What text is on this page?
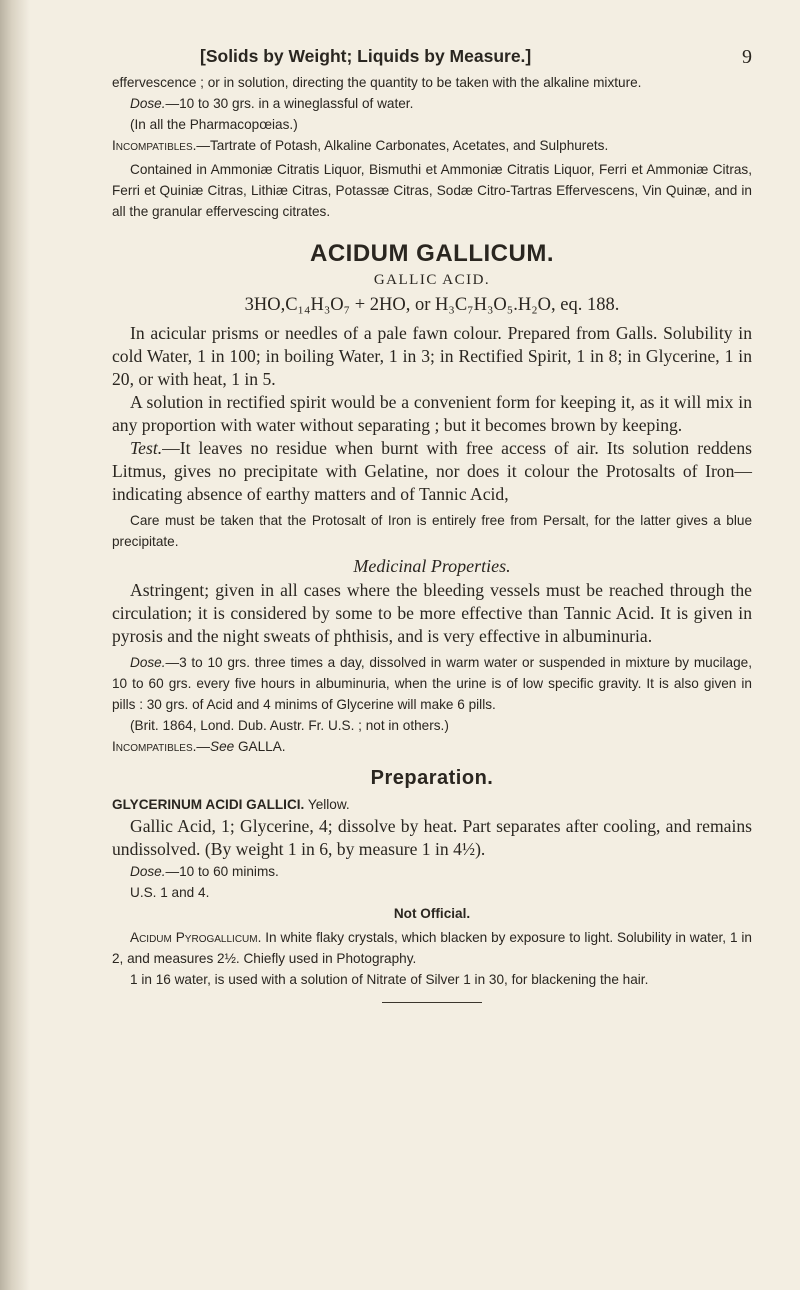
[Solids by Weight; Liquids by Measure.]	9

effervescence ; or in solution, directing the quantity to be taken with the alkaline mixture.

Dose.—10 to 30 grs. in a wineglassful of water.

(In all the Pharmacopœias.)

Incompatibles.—Tartrate of Potash, Alkaline Carbonates, Acetates, and Sulphurets.

Contained in Ammoniæ Citratis Liquor, Bismuthi et Ammoniæ Citratis Liquor, Ferri et Ammoniæ Citras, Ferri et Quiniæ Citras, Lithiæ Citras, Potassæ Citras, Sodæ Citro-Tartras Effervescens, Vin Quinæ, and in all the granular effervescing citrates.

ACIDUM GALLICUM.
GALLIC ACID.
3HO,C₁₄H₃O₇ + 2HO, or H₃C₇H₃O₅.H₂O, eq. 188.

In acicular prisms or needles of a pale fawn colour. Prepared from Galls. Solubility in cold Water, 1 in 100; in boiling Water, 1 in 3; in Rectified Spirit, 1 in 8; in Glycerine, 1 in 20, or with heat, 1 in 5.

A solution in rectified spirit would be a convenient form for keeping it, as it will mix in any proportion with water without separating ; but it becomes brown by keeping.

Test.—It leaves no residue when burnt with free access of air. Its solution reddens Litmus, gives no precipitate with Gelatine, nor does it colour the Protosalts of Iron—indicating absence of earthy matters and of Tannic Acid,

Care must be taken that the Protosalt of Iron is entirely free from Persalt, for the latter gives a blue precipitate.

Medicinal Properties.

Astringent; given in all cases where the bleeding vessels must be reached through the circulation; it is considered by some to be more effective than Tannic Acid. It is given in pyrosis and the night sweats of phthisis, and is very effective in albuminuria.

Dose.—3 to 10 grs. three times a day, dissolved in warm water or suspended in mixture by mucilage, 10 to 60 grs. every five hours in albuminuria, when the urine is of low specific gravity. It is also given in pills : 30 grs. of Acid and 4 minims of Glycerine will make 6 pills.

(Brit. 1864, Lond. Dub. Austr. Fr. U.S. ; not in others.)

Incompatibles.—See GALLA.

Preparation.

GLYCERINUM ACIDI GALLICI. Yellow.

Gallic Acid, 1; Glycerine, 4; dissolve by heat. Part separates after cooling, and remains undissolved. (By weight 1 in 6, by measure 1 in 4½).

Dose.—10 to 60 minims.

U.S. 1 and 4.

Not Official.

Acidum Pyrogallicum. In white flaky crystals, which blacken by exposure to light. Solubility in water, 1 in 2, and measures 2½. Chiefly used in Photography.

1 in 16 water, is used with a solution of Nitrate of Silver 1 in 30, for blackening the hair.
